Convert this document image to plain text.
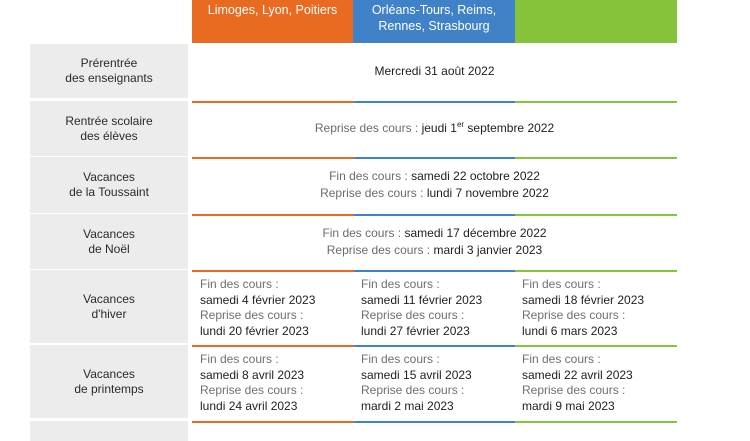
Limoges, Lyon, Poitiers	Orléans-Tours, Reims,
Rennes, Strasbourg
Prérentrée
des enseignants
Mercredi 31 août 2022
Rentrée scolaire
des élèves
Reprise des cours : jeudi 1er septembre 2022
Vacances
de la Toussaint
Fin des cours : samedi 22 octobre 2022
Reprise des cours : lundi 7 novembre 2022
Vacances
de Noël
Fin des cours : samedi 17 décembre 2022
Reprise des cours : mardi 3 janvier 2023
Vacances
d'hiver
Fin des cours :
samedi 4 février 2023
Reprise des cours :
lundi 20 février 2023
Fin des cours :
samedi 11 février 2023
Reprise des cours :
lundi 27 février 2023
Fin des cours :
samedi 18 février 2023
Reprise des cours :
lundi 6 mars 2023
Vacances
de printemps
Fin des cours :
samedi 8 avril 2023
Reprise des cours :
lundi 24 avril 2023
Fin des cours :
samedi 15 avril 2023
Reprise des cours :
mardi 2 mai 2023
Fin des cours :
samedi 22 avril 2023
Reprise des cours :
mardi 9 mai 2023
